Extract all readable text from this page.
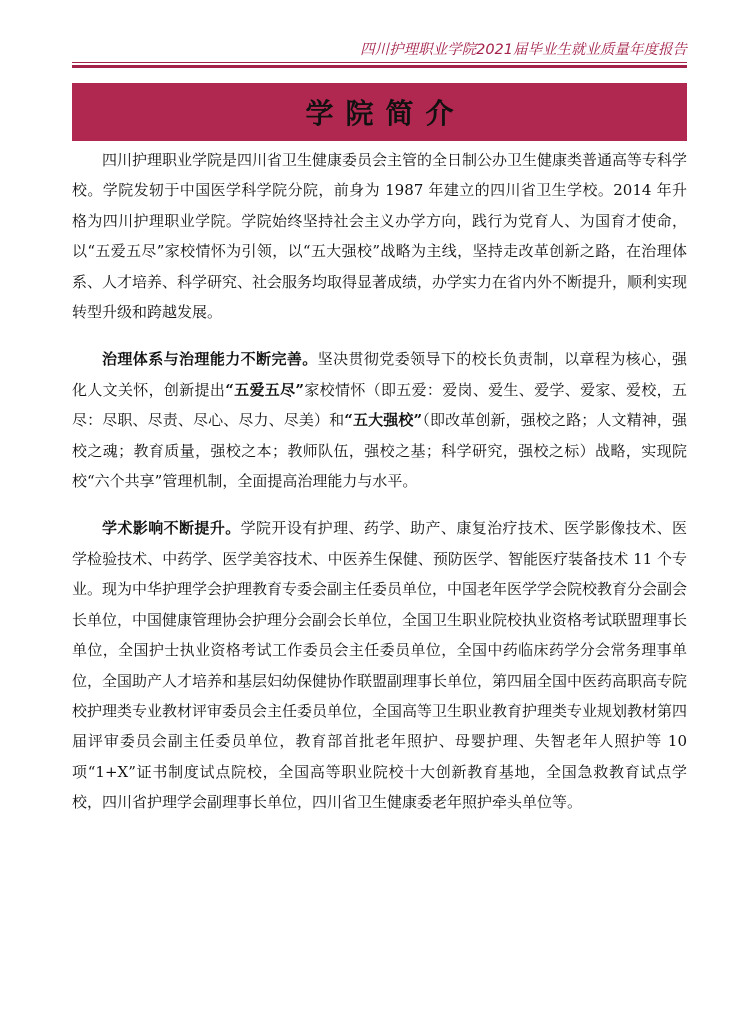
四川护理职业学院2021届毕业生就业质量年度报告
学院简介

四川护理职业学院是四川省卫生健康委员会主管的全日制公办卫生健康类普通高等专科学校。学院发轫于中国医学科学院分院，前身为 1987 年建立的四川省卫生学校。2014 年升格为四川护理职业学院。学院始终坚持社会主义办学方向，践行为党育人、为国育才使命，以“五爱五尽”家校情怀为引领，以“五大强校”战略为主线，坚持走改革创新之路，在治理体系、人才培养、科学研究、社会服务均取得显著成绩，办学实力在省内外不断提升，顺利实现转型升级和跨越发展。

治理体系与治理能力不断完善。坚决贯彻党委领导下的校长负责制，以章程为核心，强化人文关怀，创新提出“五爱五尽”家校情怀（即五爱：爱岗、爱生、爱学、爱家、爱校，五尽：尽职、尽责、尽心、尽力、尽美）和“五大强校”（即改革创新，强校之路；人文精神，强校之魂；教育质量，强校之本；教师队伍，强校之基；科学研究，强校之标）战略，实现院校“六个共享”管理机制，全面提高治理能力与水平。

学术影响不断提升。学院开设有护理、药学、助产、康复治疗技术、医学影像技术、医学检验技术、中药学、医学美容技术、中医养生保健、预防医学、智能医疗装备技术 11 个专业。现为中华护理学会护理教育专委会副主任委员单位，中国老年医学学会院校教育分会副会长单位，中国健康管理协会护理分会副会长单位，全国卫生职业院校执业资格考试联盟理事长单位，全国护士执业资格考试工作委员会主任委员单位，全国中药临床药学分会常务理事单位，全国助产人才培养和基层妇幼保健协作联盟副理事长单位，第四届全国中医药高职高专院校护理类专业教材评审委员会主任委员单位，全国高等卫生职业教育护理类专业规划教材第四届评审委员会副主任委员单位，教育部首批老年照护、母婴护理、失智老年人照护等 10 项“1+X”证书制度试点院校，全国高等职业院校十大创新教育基地，全国急救教育试点学校，四川省护理学会副理事长单位，四川省卫生健康委老年照护牵头单位等。
